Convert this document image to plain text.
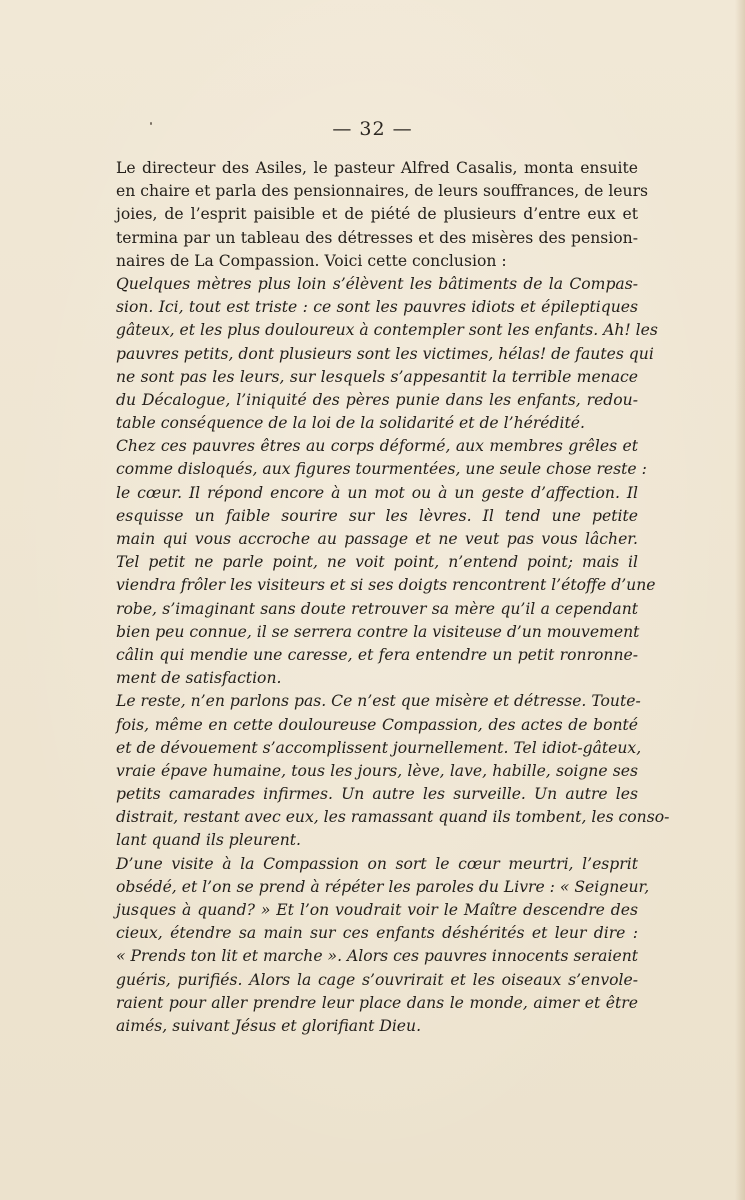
— 32 —
Le directeur des Asiles, le pasteur Alfred Casalis, monta ensuite
en chaire et parla des pensionnaires, de leurs souffrances, de leurs
joies, de l’esprit paisible et de piété de plusieurs d’entre eux et
termina par un tableau des détresses et des misères des pension-
naires de La Compassion. Voici cette conclusion :
Quelques mètres plus loin s’élèvent les bâtiments de la Compas-
sion. Ici, tout est triste : ce sont les pauvres idiots et épileptiques
gâteux, et les plus douloureux à contempler sont les enfants. Ah! les
pauvres petits, dont plusieurs sont les victimes, hélas! de fautes qui
ne sont pas les leurs, sur lesquels s’appesantit la terrible menace
du Décalogue, l’iniquité des pères punie dans les enfants, redou-
table conséquence de la loi de la solidarité et de l’hérédité.
Chez ces pauvres êtres au corps déformé, aux membres grêles et
comme disloqués, aux figures tourmentées, une seule chose reste :
le cœur. Il répond encore à un mot ou à un geste d’affection. Il
esquisse un faible sourire sur les lèvres. Il tend une petite
main qui vous accroche au passage et ne veut pas vous lâcher.
Tel petit ne parle point, ne voit point, n’entend point; mais il
viendra frôler les visiteurs et si ses doigts rencontrent l’étoffe d’une
robe, s’imaginant sans doute retrouver sa mère qu’il a cependant
bien peu connue, il se serrera contre la visiteuse d’un mouvement
câlin qui mendie une caresse, et fera entendre un petit ronronne-
ment de satisfaction.
Le reste, n’en parlons pas. Ce n’est que misère et détresse. Toute-
fois, même en cette douloureuse Compassion, des actes de bonté
et de dévouement s’accomplissent journellement. Tel idiot-gâteux,
vraie épave humaine, tous les jours, lève, lave, habille, soigne ses
petits camarades infirmes. Un autre les surveille. Un autre les
distrait, restant avec eux, les ramassant quand ils tombent, les conso-
lant quand ils pleurent.
D’une visite à la Compassion on sort le cœur meurtri, l’esprit
obsédé, et l’on se prend à répéter les paroles du Livre : « Seigneur,
jusques à quand? » Et l’on voudrait voir le Maître descendre des
cieux, étendre sa main sur ces enfants déshérités et leur dire :
« Prends ton lit et marche ». Alors ces pauvres innocents seraient
guéris, purifiés. Alors la cage s’ouvrirait et les oiseaux s’envole-
raient pour aller prendre leur place dans le monde, aimer et être
aimés, suivant Jésus et glorifiant Dieu.
